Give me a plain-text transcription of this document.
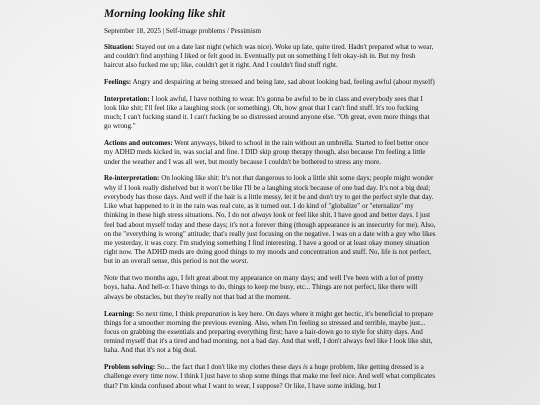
Morning looking like shit
September 18, 2025 | Self-image problems / Pessimism

Situation: Stayed out on a date last night (which was nice). Woke up late, quite tired. Hadn't prepared what to wear, and couldn't find anything I liked or felt good in. Eventually put on something I felt okay-ish in. But my fresh haircut also fucked me up; like, couldn't get it right. And I couldn't find stuff right.

Feelings: Angry and despairing at being stressed and being late, sad about looking bad, feeling awful (about myself)

Interpretation: I look awful, I have nothing to wear. It's gonna be awful to be in class and everybody sees that I look like shit; I'll feel like a laughing stock (or something). Oh, how great that I can't find stuff. It's too fucking much; I can't fucking stand it. I can't fucking be so distressed around anyone else. "Oh great, even more things that go wrong."

Actions and outcomes: Went anyways, biked to school in the rain without an umbrella. Started to feel better once my ADHD meds kicked in, was social and fine. I DID skip group therapy though, also because I'm feeling a little under the weather and I was all wet, but mostly because I couldn't be bothered to stress any more.

Re-interpretation: On looking like shit: It's not that dangerous to look a little shit some days; people might wonder why if I look really dishelved but it won't be like I'll be a laughing stock because of one bad day. It's not a big deal; everybody has those days. And well if the hair is a little messy, let it be and don't try to get the perfect style that day. Like what happened to it in the rain was real cute, as it turned out. I do kind of "globalize" or "eternalize" my thinking in these high stress situations. No, I do not always look or feel like shit, I have good and better days. I just feel bad about myself today and these days; it's not a forever thing (though appearance is an insecurity for me). Also, on the "everything is wrong" attitude; that's really just focusing on the negative. I was on a date with a guy who likes me yesterday, it was cozy. I'm studying something I find interesting. I have a good or at least okay money situation right now. The ADHD meds are doing good things to my moods and concentration and stuff. No, life is not perfect, but in an overall sense, this period is not the worst.

Note that two months ago, I felt great about my appearance on many days; and well I've been with a lot of pretty boys, haha. And hell-o: I have things to do, things to keep me busy, etc... Things are not perfect, like there will always be obstacles, but they're really not that bad at the moment.

Learning: So next time, I think preparation is key here. On days where it might get hectic, it's beneficial to prepare things for a smoother morning the previous evening. Also, when I'm feeling so stressed and terrible, maybe just... focus on grabbing the essentials and preparing everything first; have a hair-down go to style for shitty days. And remind myself that it's a tired and bad morning, not a bad day. And that well, I don't always feel like I look like shit, haha. And that it's not a big deal.

Problem solving: So... the fact that I don't like my clothes these days is a huge problem, like getting dressed is a challenge every time now. I think I just have to shop some things that make me feel nice. And well what complicates that? I'm kinda confused about what I want to wear, I suppose? Or like, I have some inkling, but I
